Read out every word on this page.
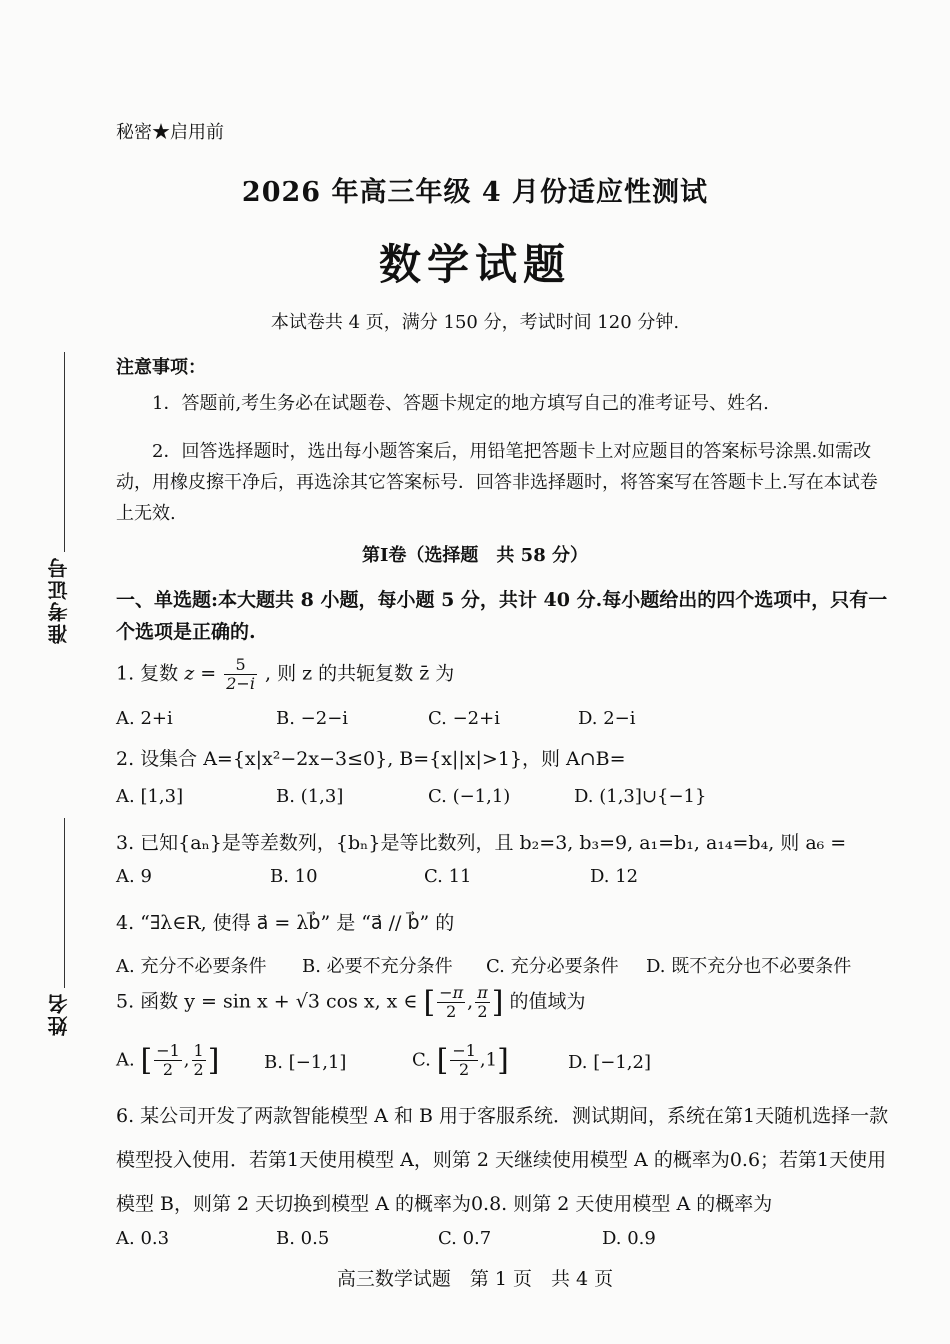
秘密★启用前
2026 年高三年级 4 月份适应性测试
数学试题
本试卷共 4 页，满分 150 分，考试时间 120 分钟.
准考证号
姓名
注意事项：
1．答题前,考生务必在试题卷、答题卡规定的地方填写自己的准考证号、姓名.
2．回答选择题时，选出每小题答案后，用铅笔把答题卡上对应题目的答案标号涂黑.如需改动，用橡皮擦干净后，再选涂其它答案标号．回答非选择题时，将答案写在答题卡上.写在本试卷上无效.
第Ⅰ卷（选择题　共 58 分）
一、单选题:本大题共 8 小题，每小题 5 分，共计 40 分.每小题给出的四个选项中，只有一个选项是正确的.
1. 复数 $z = \frac{5}{2-i}$ , 则 z 的共轭复数 z̄ 为
A. 2+i	B. −2−i	C. −2+i	D. 2−i
2. 设集合 A={x|x²−2x−3≤0}, B={x||x|>1}，则 A∩B=
A. [1,3]	B. (1,3]	C. (−1,1)	D. (1,3]∪{−1}
3. 已知{aₙ}是等差数列，{bₙ}是等比数列，且 b₂=3, b₃=9, a₁=b₁, a₁₄=b₄, 则 a₆ =
A. 9	B. 10	C. 11	D. 12
4. “∃λ∈R, 使得 a⃗ = λb⃗” 是 “a⃗ // b⃗” 的
A. 充分不必要条件 B. 必要不充分条件 C. 充分必要条件 D. 既不充分也不必要条件
5. 函数 y = sin x + √3 cos x, x ∈ [ $\frac{-\pi}{2}$ , $\frac{\pi}{2}$ ] 的值域为
A. [ $\frac{-1}{2}$ , $\frac{1}{2}$ ] B. [−1,1]	C. [ $\frac{-1}{2} ,1$]	D. [−1,2]
6. 某公司开发了两款智能模型 A 和 B 用于客服系统．测试期间，系统在第1天随机选择一款模型投入使用．若第1天使用模型 A，则第 2 天继续使用模型 A 的概率为0.6；若第1天使用模型 B，则第 2 天切换到模型 A 的概率为0.8. 则第 2 天使用模型 A 的概率为
A. 0.3	B. 0.5	C. 0.7	D. 0.9
高三数学试题　第 1 页　共 4 页
